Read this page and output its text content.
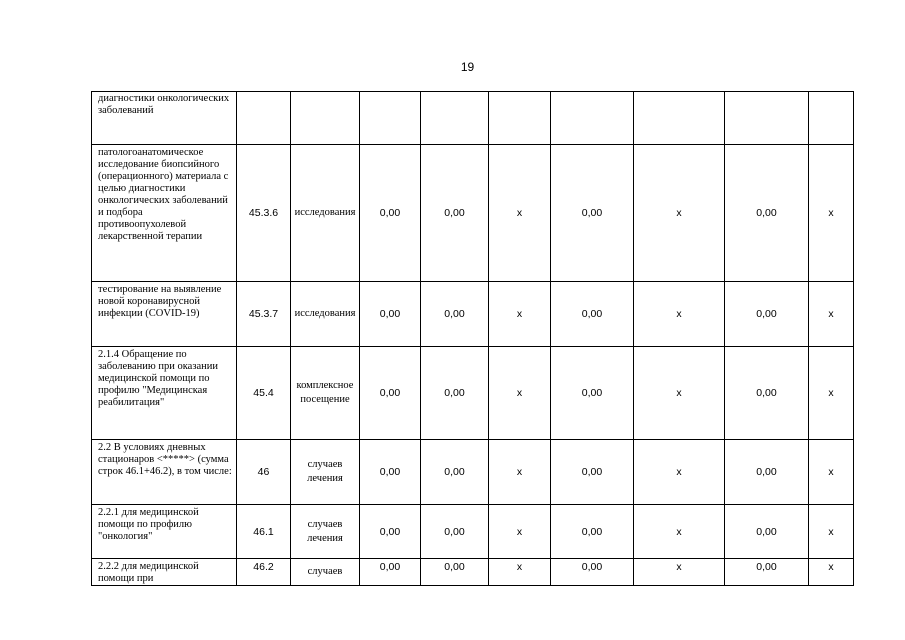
19
диагностики онкологических заболеваний									
патологоанатомическое исследование биопсийного (операционного) материала с целью диагностики онкологических заболеваний и подбора противоопухолевой лекарственной терапии	45.3.6	исследования	0,00	0,00	х	0,00	х	0,00	х
тестирование на выявление новой коронавирусной инфекции (COVID-19)	45.3.7	исследования	0,00	0,00	х	0,00	х	0,00	х
2.1.4 Обращение по заболеванию при оказании медицинской помощи по профилю "Медицинская реабилитация"	45.4	комплексное посещение	0,00	0,00	х	0,00	х	0,00	х
2.2 В условиях дневных стационаров <*****> (сумма строк 46.1+46.2), в том числе:	46	случаев лечения	0,00	0,00	х	0,00	х	0,00	х
2.2.1 для медицинской помощи по профилю "онкология"	46.1	случаев лечения	0,00	0,00	х	0,00	х	0,00	х
2.2.2 для медицинской помощи при	46.2	случаев	0,00	0,00	х	0,00	х	0,00	х
